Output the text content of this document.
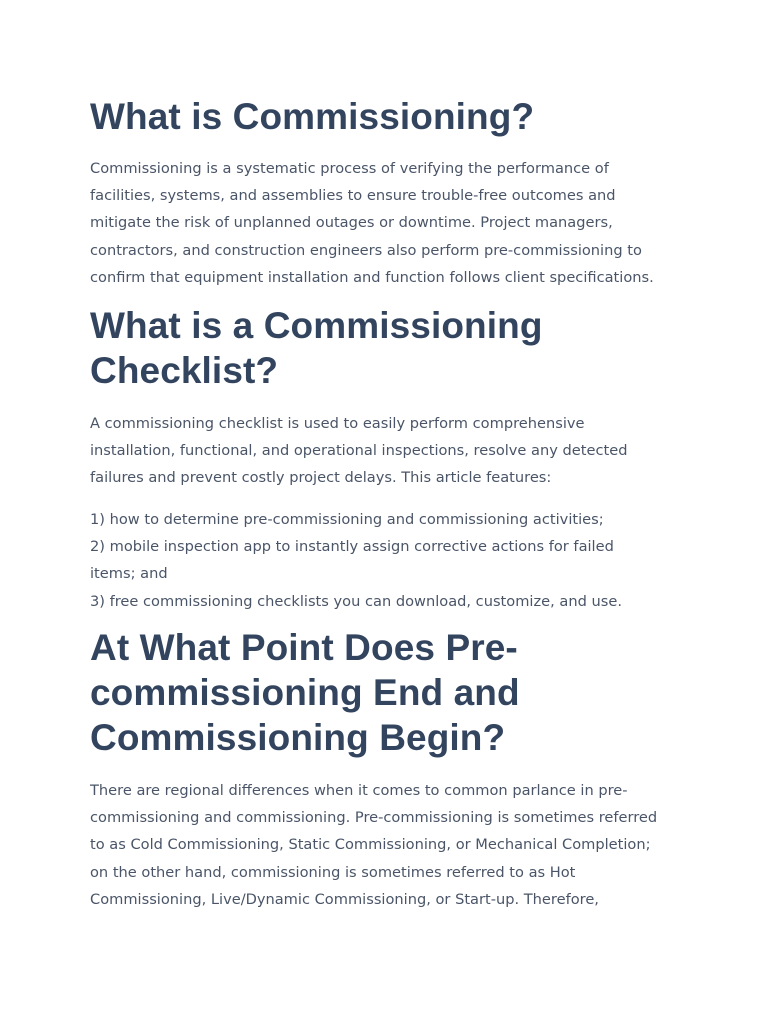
What is Commissioning?

Commissioning is a systematic process of verifying the performance of
facilities, systems, and assemblies to ensure trouble-free outcomes and
mitigate the risk of unplanned outages or downtime. Project managers,
contractors, and construction engineers also perform pre-commissioning to
confirm that equipment installation and function follows client specifications.

What is a Commissioning
Checklist?

A commissioning checklist is used to easily perform comprehensive
installation, functional, and operational inspections, resolve any detected
failures and prevent costly project delays. This article features:

1) how to determine pre-commissioning and commissioning activities;
2) mobile inspection app to instantly assign corrective actions for failed
items; and
3) free commissioning checklists you can download, customize, and use.

At What Point Does Pre-
commissioning End and
Commissioning Begin?

There are regional differences when it comes to common parlance in pre-
commissioning and commissioning. Pre-commissioning is sometimes referred
to as Cold Commissioning, Static Commissioning, or Mechanical Completion;
on the other hand, commissioning is sometimes referred to as Hot
Commissioning, Live/Dynamic Commissioning, or Start-up. Therefore,
